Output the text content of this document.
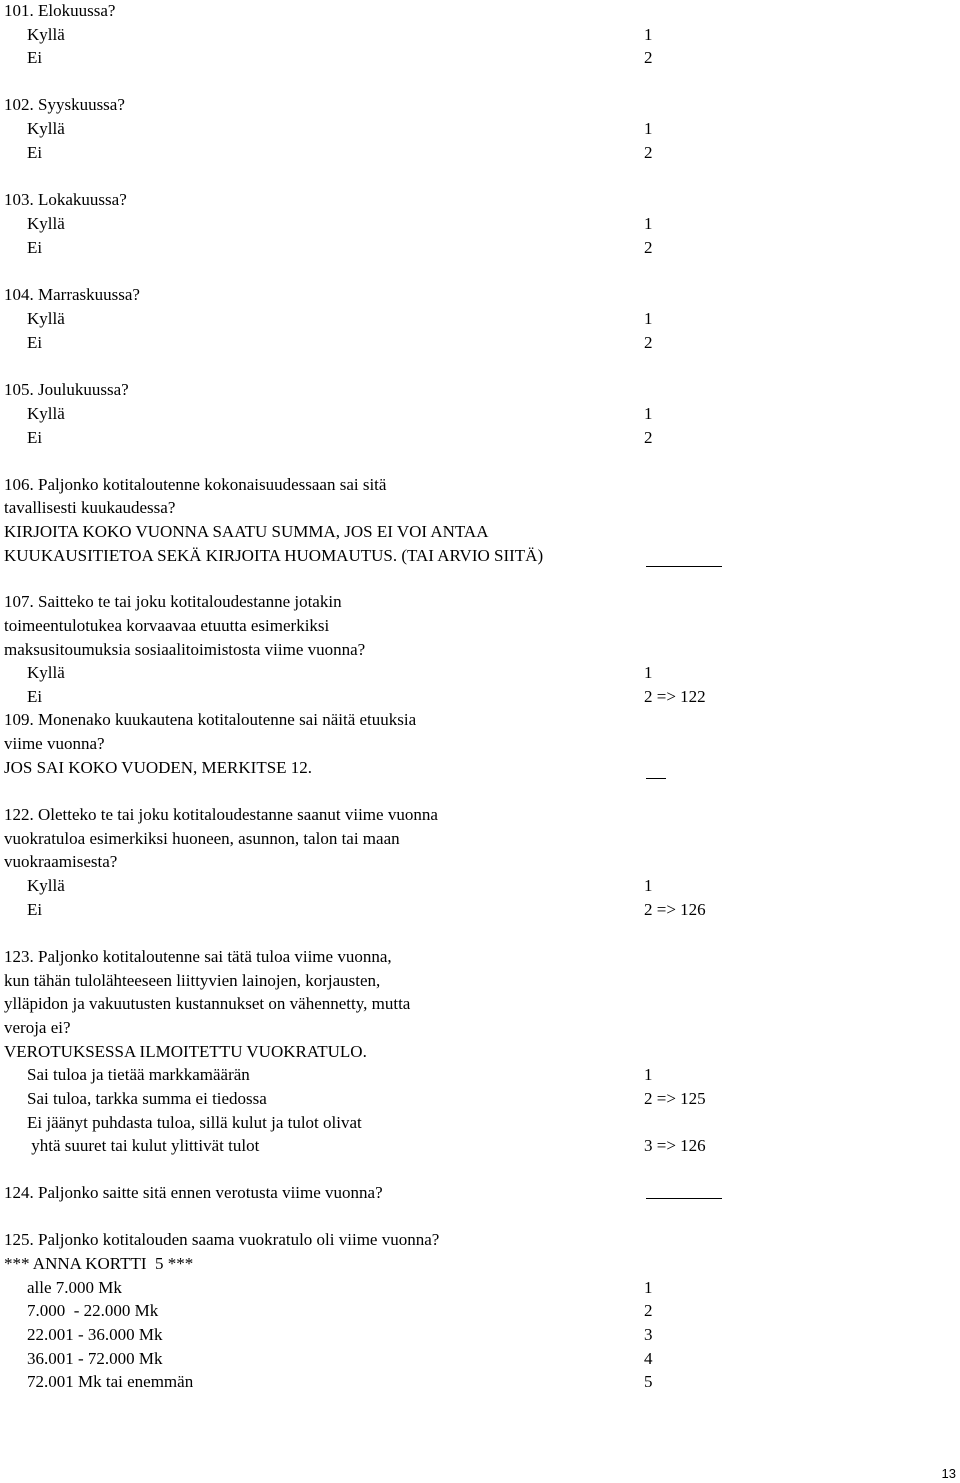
101. Elokuussa?
Kyllä	1
Ei	2
102. Syyskuussa?
Kyllä	1
Ei	2
103. Lokakuussa?
Kyllä	1
Ei	2
104. Marraskuussa?
Kyllä	1
Ei	2
105. Joulukuussa?
Kyllä	1
Ei	2
106. Paljonko kotitaloutenne kokonaisuudessaan sai sitä
tavallisesti kuukaudessa?
KIRJOITA KOKO VUONNA SAATU SUMMA, JOS EI VOI ANTAA
KUUKAUSITIETOA SEKÄ KIRJOITA HUOMAUTUS. (TAI ARVIO SIITÄ)
107. Saitteko te tai joku kotitaloudestanne jotakin
toimeentulotukea korvaavaa etuutta esimerkiksi
maksusitoumuksia sosiaalitoimistosta viime vuonna?
Kyllä	1
Ei	2 => 122
109. Monenako kuukautena kotitaloutenne sai näitä etuuksia
viime vuonna?
JOS SAI KOKO VUODEN, MERKITSE 12.
122. Oletteko te tai joku kotitaloudestanne saanut viime vuonna
vuokratuloa esimerkiksi huoneen, asunnon, talon tai maan
vuokraamisesta?
Kyllä	1
Ei	2 => 126
123. Paljonko kotitaloutenne sai tätä tuloa viime vuonna,
kun tähän tulolähteeseen liittyvien lainojen, korjausten,
ylläpidon ja vakuutusten kustannukset on vähennetty, mutta
veroja ei?
VEROTUKSESSA ILMOITETTU VUOKRATULO.
Sai tuloa ja tietää markkamäärän	1
Sai tuloa, tarkka summa ei tiedossa	2 => 125
Ei jäänyt puhdasta tuloa, sillä kulut ja tulot olivat
yhtä suuret tai kulut ylittivät tulot	3 => 126
124. Paljonko saitte sitä ennen verotusta viime vuonna?
125. Paljonko kotitalouden saama vuokratulo oli viime vuonna?
*** ANNA KORTTI  5 ***
alle 7.000 Mk	1
7.000  - 22.000 Mk	2
22.001 - 36.000 Mk	3
36.001 - 72.000 Mk	4
72.001 Mk tai enemmän	5
13
